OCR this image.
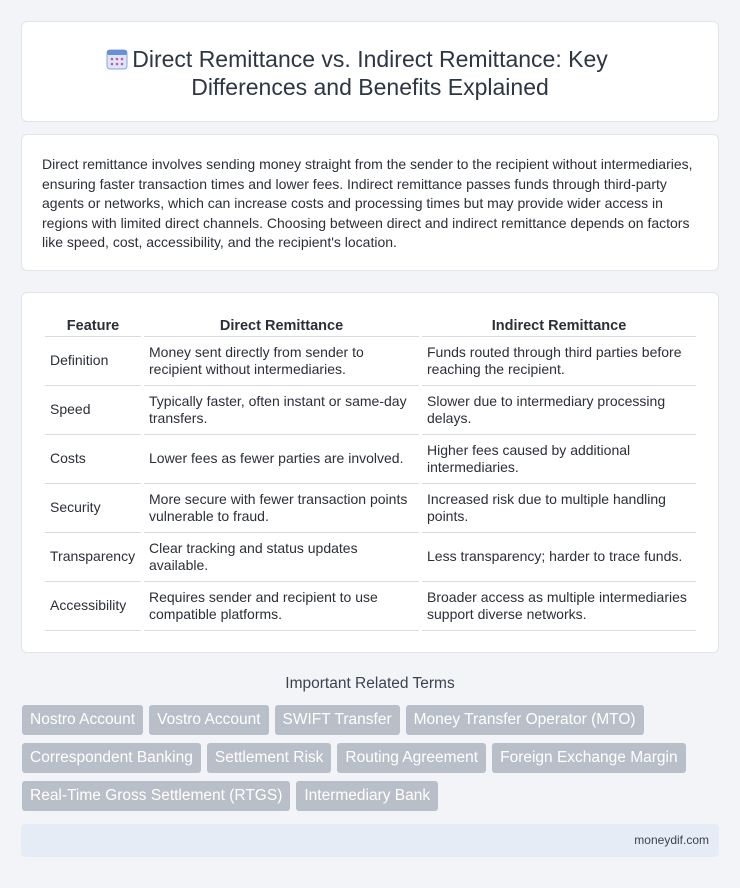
Direct Remittance vs. Indirect Remittance: Key Differences and Benefits Explained

Direct remittance involves sending money straight from the sender to the recipient without intermediaries, ensuring faster transaction times and lower fees. Indirect remittance passes funds through third-party agents or networks, which can increase costs and processing times but may provide wider access in regions with limited direct channels. Choosing between direct and indirect remittance depends on factors like speed, cost, accessibility, and the recipient's location.

Feature	Direct Remittance	Indirect Remittance
Definition	Money sent directly from sender to recipient without intermediaries.	Funds routed through third parties before reaching the recipient.
Speed	Typically faster, often instant or same-day transfers.	Slower due to intermediary processing delays.
Costs	Lower fees as fewer parties are involved.	Higher fees caused by additional intermediaries.
Security	More secure with fewer transaction points vulnerable to fraud.	Increased risk due to multiple handling points.
Transparency	Clear tracking and status updates available.	Less transparency; harder to trace funds.
Accessibility	Requires sender and recipient to use compatible platforms.	Broader access as multiple intermediaries support diverse networks.
Important Related Terms
Nostro Account	Vostro Account	SWIFT Transfer	Money Transfer Operator (MTO)
Correspondent Banking	Settlement Risk	Routing Agreement	Foreign Exchange Margin
Real-Time Gross Settlement (RTGS)	Intermediary Bank
moneydif.com
